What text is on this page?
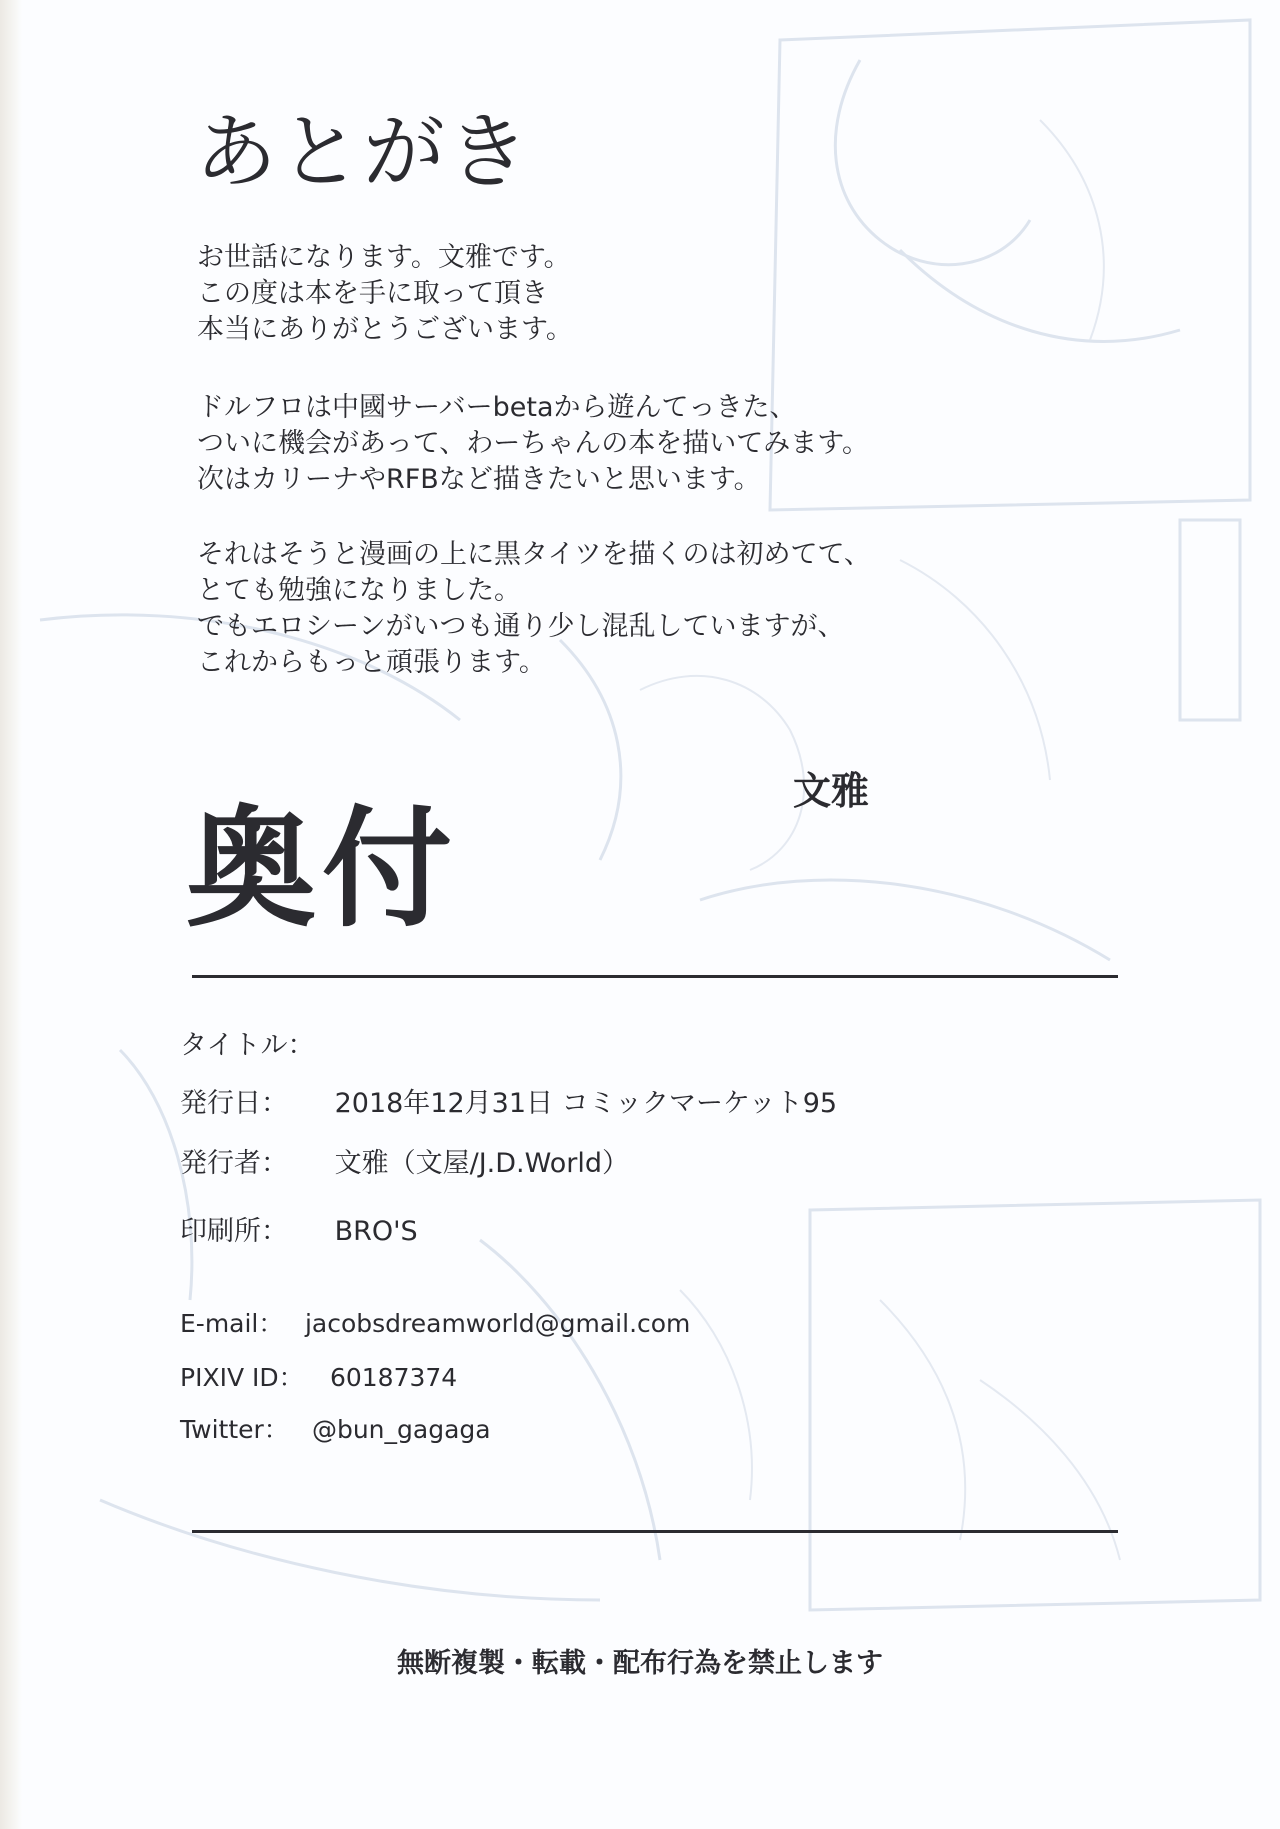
あとがき
お世話になります。文雅です。
この度は本を手に取って頂き
本当にありがとうございます。
ドルフロは中國サーバーbetaから遊んてっきた、
ついに機会があって、わーちゃんの本を描いてみます。
次はカリーナやRFBなど描きたいと思います。
それはそうと漫画の上に黒タイツを描くのは初めてて、
とても勉強になりました。
でもエロシーンがいつも通り少し混乱していますが、
これからもっと頑張ります。
文雅
奥付
タイトル：
発行日： 2018年12月31日 コミックマーケット95
発行者： 文雅（文屋/J.D.World）
印刷所： BRO'S
E-mail： jacobsdreamworld@gmail.com
PIXIV ID： 60187374
Twitter： @bun_gagaga
無断複製・転載・配布行為を禁止します
